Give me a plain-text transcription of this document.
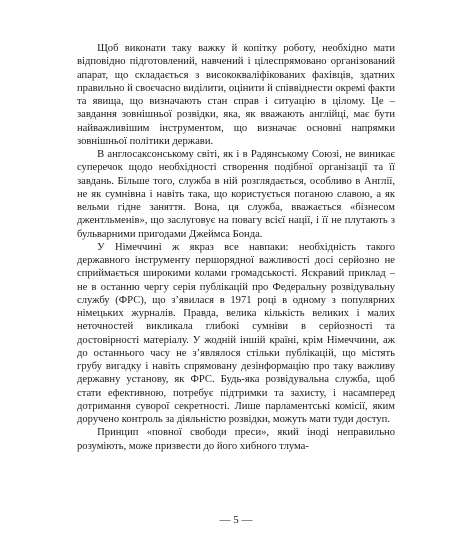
Щоб виконати таку важку й копітку роботу, необхідно мати відповідно підготовлений, навчений і цілеспрямовано організований апарат, що складається з висококваліфікованих фахівців, здатних правильно й своєчасно виділити, оцінити й співвіднести окремі факти та явища, що визначають стан справ і ситуацію в цілому. Це – завдання зовнішньої розвідки, яка, як вважають англійці, має бути найважливішим інструментом, що визначає основні напрямки зовнішньої політики держави.

В англосаксонському світі, як і в Радянському Союзі, не виникає суперечок щодо необхідності створення подібної організації та її завдань. Більше того, служба в ній розглядається, особливо в Англії, не як сумнівна і навіть така, що користується поганою славою, а як вельми гідне заняття. Вона, ця служба, вважається «бізнесом джентльменів», що заслуговує на повагу всієї нації, і її не плутають з бульварними пригодами Джеймса Бонда.

У Німеччині ж якраз все навпаки: необхідність такого державного інструменту першорядної важливості досі серйозно не сприймається широкими колами громадськості. Яскравий приклад – не в останню чергу серія публікацій про Федеральну розвідувальну службу (ФРС), що з’явилася в 1971 році в одному з популярних німецьких журналів. Правда, велика кількість великих і малих неточностей викликала глибокі сумніви в серйозності та достовірності матеріалу. У жодній іншій країні, крім Німеччини, аж до останнього часу не з’являлося стільки публікацій, що містять грубу вигадку і навіть спрямовану дезінформацію про таку важливу державну установу, як ФРС. Будь-яка розвідувальна служба, щоб стати ефективною, потребує підтримки та захисту, і насамперед дотримання суворої секретності. Лише парламентські комісії, яким доручено контроль за діяльністю розвідки, можуть мати туди доступ.

Принцип «повної свободи преси», який іноді неправильно розуміють, може призвести до його хибного тлума-

— 5 —
